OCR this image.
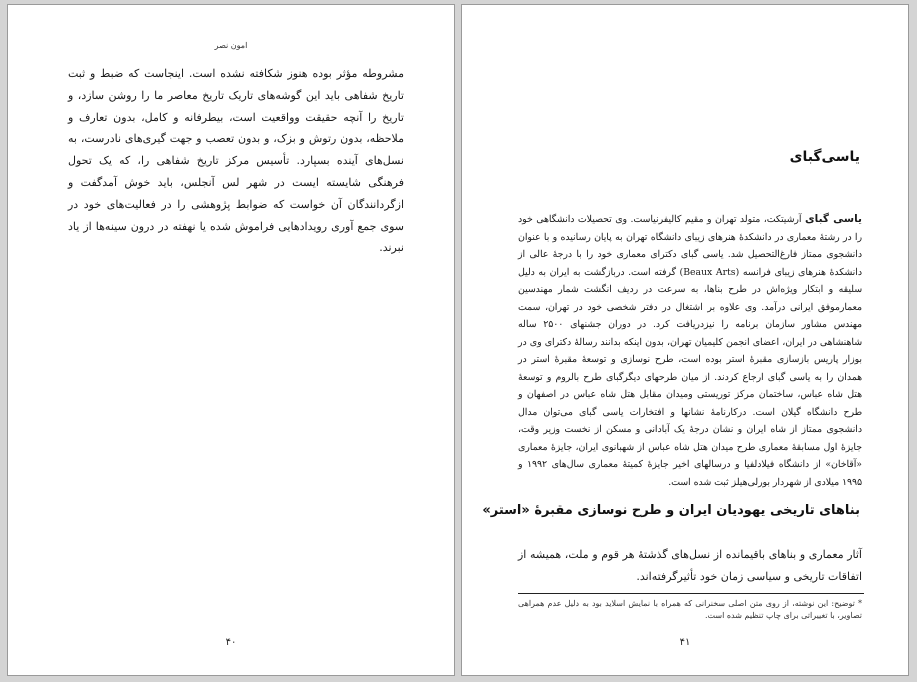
امون نصر

مشروطه مؤثر بوده هنوز شکافته نشده است. اینجاست که ضبط و ثبت تاریخ شفاهی باید این گوشه‌های تاریک تاریخ معاصر ما را روشن سازد، و تاریخ را آنچه حقیقت وواقعیت است، بیطرفانه و کامل، بدون تعارف و ملاحظه، بدون رتوش و بزک، و بدون تعصب و جهت گیری‌های نادرست، به نسل‌های آینده بسپارد. تأسیس مرکز تاریخ شفاهی را، که یک تحول فرهنگی شایسته ایست در شهر لس آنجلس، باید خوش آمدگفت و ازگردانندگان آن خواست که ضوابط پژوهشی را در فعالیت‌های خود در سوی جمع آوری رویدادهایی فراموش شده یا نهفته در درون سینه‌ها از یاد نبرند.

۴۰
یاسی‌گبای

یاسی گبای آرشیتکت، متولد تهران و مقیم کالیفرنیاست. وی تحصیلات دانشگاهی خود را در رشتهٔ معماری در دانشکدهٔ هنرهای زیبای دانشگاه تهران به پایان رسانیده و با عنوان دانشجوی ممتاز فارغ‌التحصیل شد. یاسی گبای دکترای معماری خود را با درجهٔ عالی از دانشکدهٔ هنرهای زیبای فرانسه (Beaux Arts) گرفته است. دربازگشت به ایران به دلیل سلیقه و ابتکار ویژه‌اش در طرح بناها، به سرعت در ردیف انگشت شمار مهندسین معمارموفق ایرانی درآمد. وی علاوه بر اشتغال در دفتر شخصی خود در تهران، سمت مهندس مشاور سازمان برنامه را نیزدریافت کرد. در دوران جشنهای ۲۵۰۰ ساله شاهنشاهی در ایران، اعضای انجمن کلیمیان تهران، بدون اینکه بدانند رسالهٔ دکترای وی در بوزار پاریس بازسازی مقبرهٔ استر بوده است، طرح نوسازی و توسعهٔ مقبرهٔ استر در همدان را به یاسی گبای ارجاع کردند. از میان طرحهای دیگرگبای طرح بالروم و توسعهٔ هتل شاه عباس، ساختمان مرکز توریستی ومیدان مقابل هتل شاه عباس در اصفهان و طرح دانشگاه گیلان است. درکارنامهٔ نشانها و افتخارات یاسی گبای می‌توان مدال دانشجوی ممتاز از شاه ایران و نشان درجهٔ یک آبادانی و مسکن از نخست وزیر وقت، جایزهٔ اول مسابقهٔ معماری طرح میدان هتل شاه عباس از شهبانوی ایران، جایزهٔ معماری «آقاخان» از دانشگاه فیلادلفیا و درسالهای اخیر جایزهٔ کمیتهٔ معماری سال‌های ۱۹۹۲ و ۱۹۹۵ میلادی از شهردار بورلی‌هیلز ثبت شده است.

بناهای تاریخی یهودیان ایران و طرح نوسازی مقبرهٔ «استر»

آثار معماری و بناهای باقیمانده از نسل‌های گذشتهٔ هر قوم و ملت، همیشه از اتفاقات تاریخی و سیاسی زمان خود تأثیرگرفته‌اند.

* توضیح: این نوشته، از روی متن اصلی سخنرانی که همراه با نمایش اسلاید بود به دلیل عدم همراهی تصاویر، با تغییراتی برای چاپ تنظیم شده است.

۴۱
